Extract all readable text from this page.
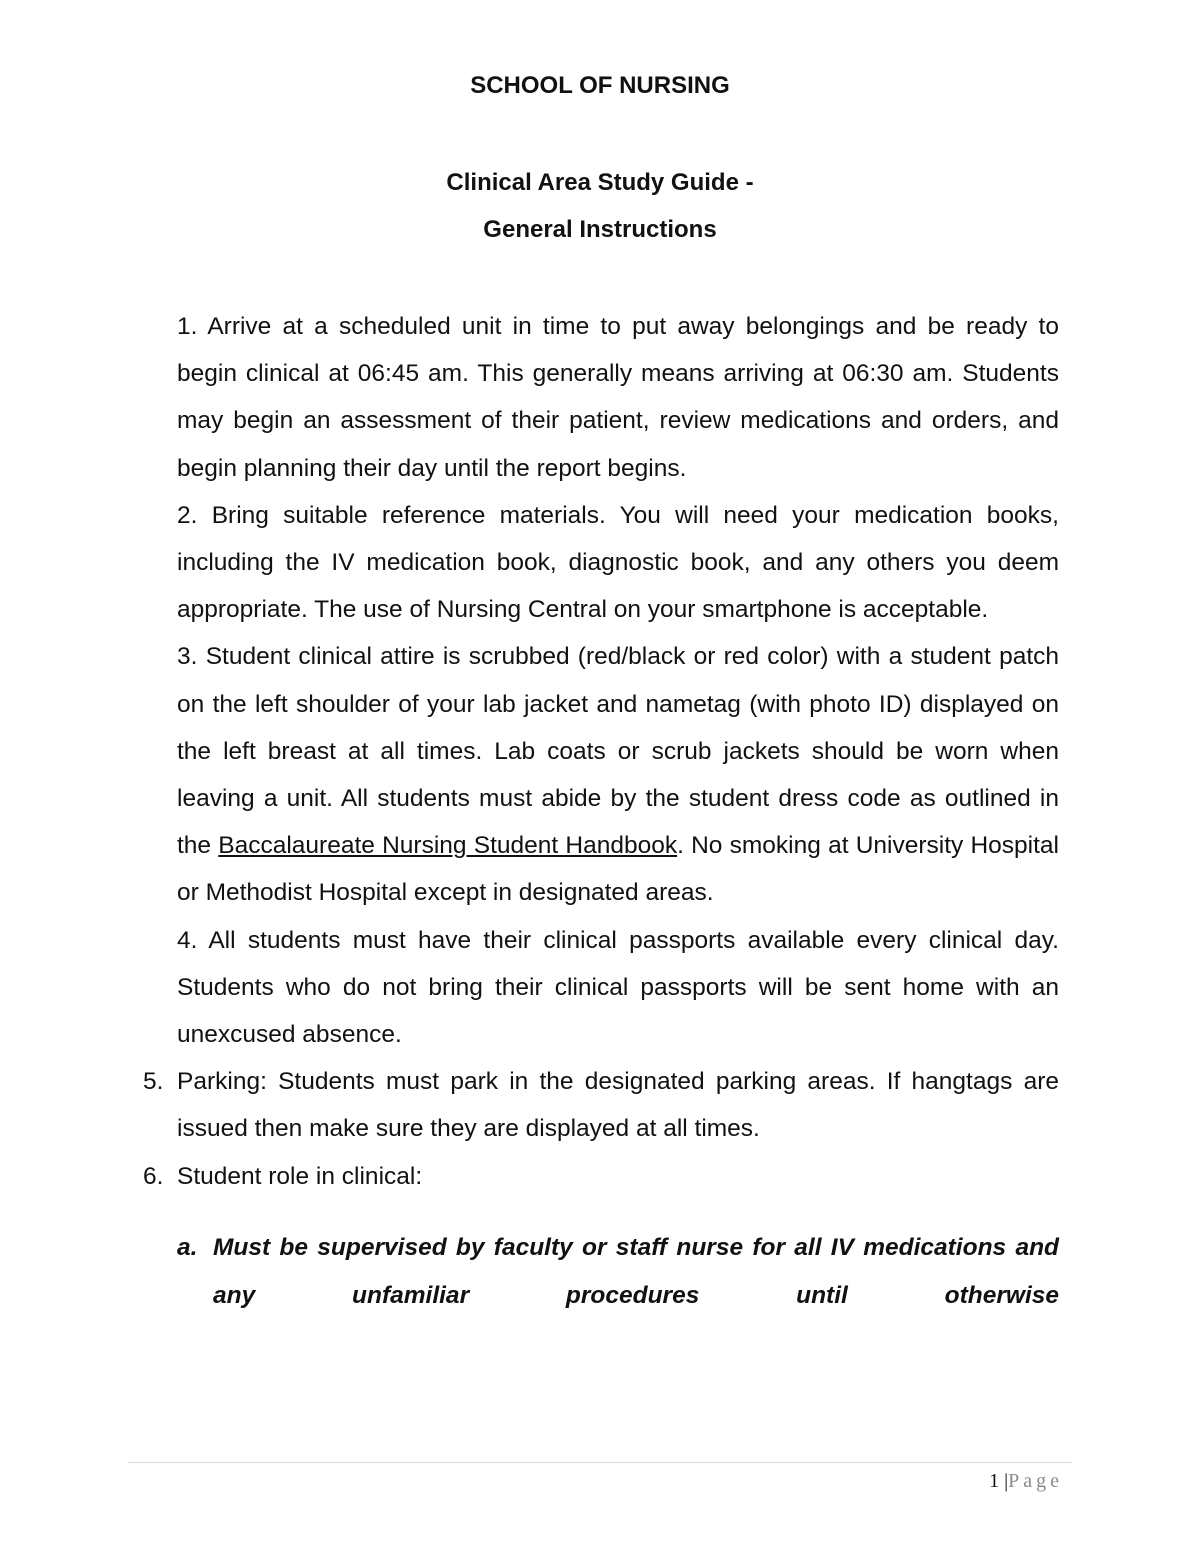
SCHOOL OF NURSING
Clinical Area Study Guide -
General Instructions

1. Arrive at a scheduled unit in time to put away belongings and be ready to begin clinical at 06:45 am. This generally means arriving at 06:30 am. Students may begin an assessment of their patient, review medications and orders, and begin planning their day until the report begins.

2. Bring suitable reference materials. You will need your medication books, including the IV medication book, diagnostic book, and any others you deem appropriate. The use of Nursing Central on your smartphone is acceptable.

3. Student clinical attire is scrubbed (red/black or red color) with a student patch on the left shoulder of your lab jacket and nametag (with photo ID) displayed on the left breast at all times. Lab coats or scrub jackets should be worn when leaving a unit. All students must abide by the student dress code as outlined in the Baccalaureate Nursing Student Handbook. No smoking at University Hospital or Methodist Hospital except in designated areas.

4. All students must have their clinical passports available every clinical day. Students who do not bring their clinical passports will be sent home with an unexcused absence.

5. Parking: Students must park in the designated parking areas. If hangtags are issued then make sure they are displayed at all times.

6. Student role in clinical:

a. Must be supervised by faculty or staff nurse for all IV medications and any unfamiliar procedures until otherwise

1 |Page
